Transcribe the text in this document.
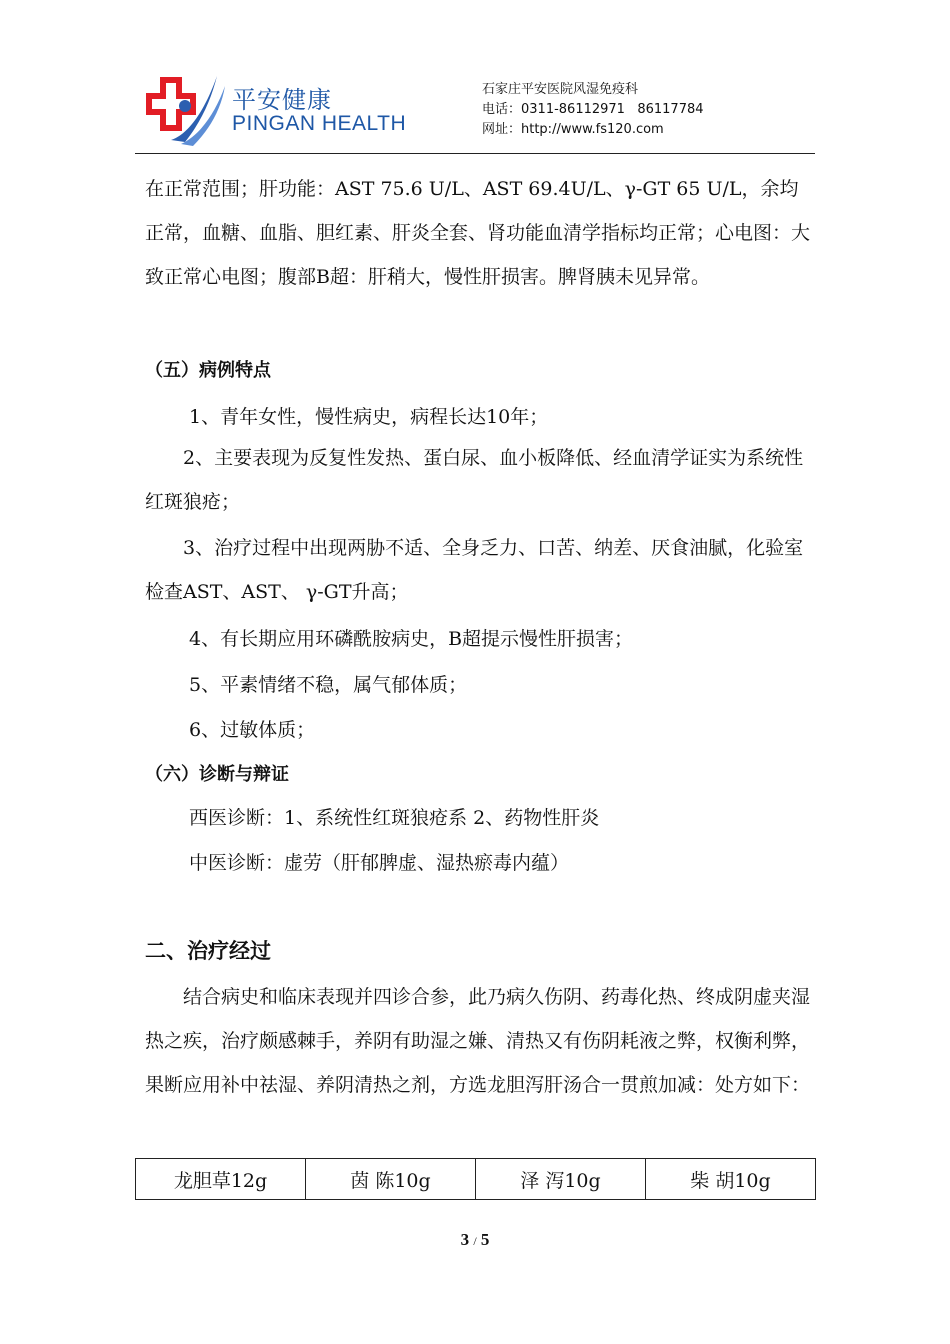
平安健康
PINGAN HEALTH
石家庄平安医院风湿免疫科
电话：0311-86112971   86117784
网址：http://www.fs120.com

在正常范围；肝功能：AST 75.6 U/L、AST 69.4U/L、γ-GT 65 U/L，余均正常，血糖、血脂、胆红素、肝炎全套、肾功能血清学指标均正常；心电图：大致正常心电图；腹部B超：肝稍大，慢性肝损害。脾肾胰未见异常。

（五）病例特点
1、青年女性，慢性病史，病程长达10年；

2、主要表现为反复性发热、蛋白尿、血小板降低、经血清学证实为系统性红斑狼疮；

3、治疗过程中出现两胁不适、全身乏力、口苦、纳差、厌食油腻，化验室检查AST、AST、 γ-GT升高；

4、有长期应用环磷酰胺病史，B超提示慢性肝损害；
5、平素情绪不稳，属气郁体质；
6、过敏体质；
（六）诊断与辩证
西医诊断：1、系统性红斑狼疮系 2、药物性肝炎
中医诊断：虚劳（肝郁脾虚、湿热瘀毒内蕴）
二、治疗经过

结合病史和临床表现并四诊合参，此乃病久伤阴、药毒化热、终成阴虚夹湿热之疾，治疗颇感棘手，养阴有助湿之嫌、清热又有伤阴耗液之弊，权衡利弊，果断应用补中祛湿、养阴清热之剂，方选龙胆泻肝汤合一贯煎加减：处方如下：

龙胆草12g	茵 陈10g	泽 泻10g	柴 胡10g
3 / 5
